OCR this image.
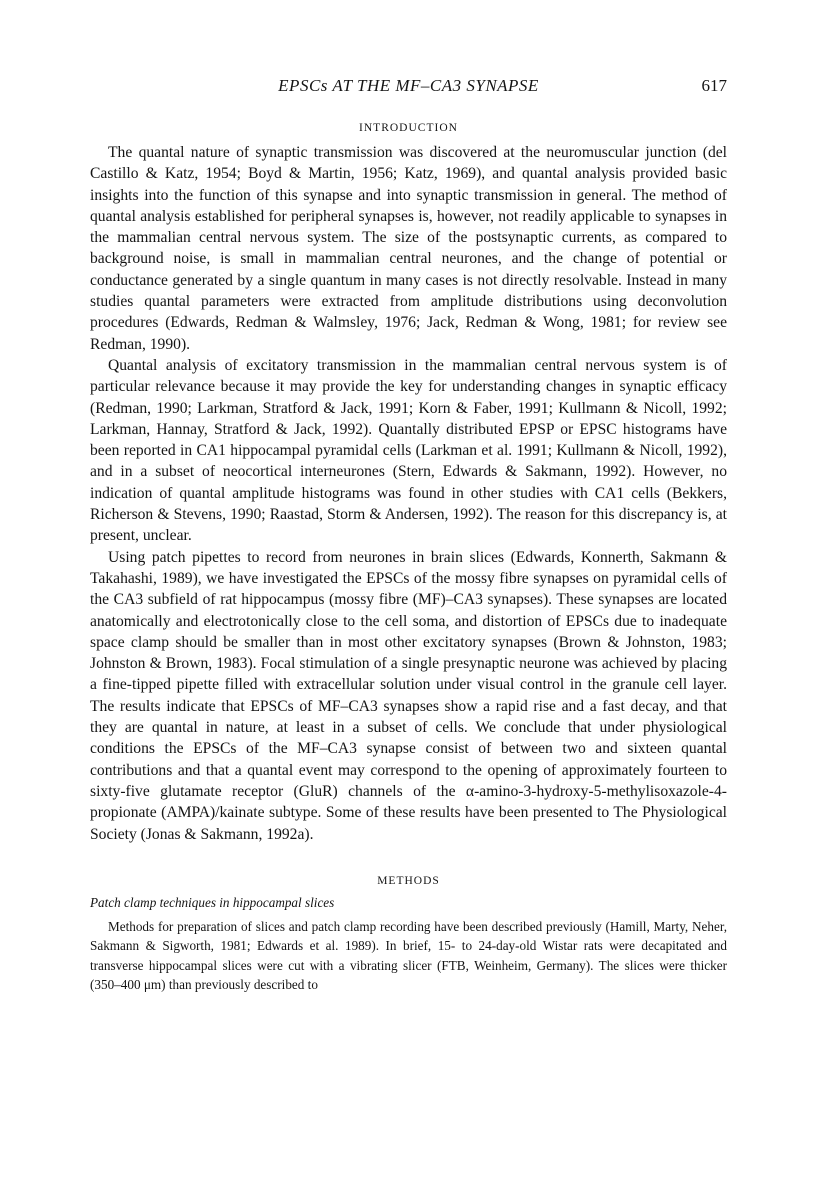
EPSCs AT THE MF–CA3 SYNAPSE	617
INTRODUCTION

The quantal nature of synaptic transmission was discovered at the neuromuscular junction (del Castillo & Katz, 1954; Boyd & Martin, 1956; Katz, 1969), and quantal analysis provided basic insights into the function of this synapse and into synaptic transmission in general. The method of quantal analysis established for peripheral synapses is, however, not readily applicable to synapses in the mammalian central nervous system. The size of the postsynaptic currents, as compared to background noise, is small in mammalian central neurones, and the change of potential or conductance generated by a single quantum in many cases is not directly resolvable. Instead in many studies quantal parameters were extracted from amplitude distributions using deconvolution procedures (Edwards, Redman & Walmsley, 1976; Jack, Redman & Wong, 1981; for review see Redman, 1990).

Quantal analysis of excitatory transmission in the mammalian central nervous system is of particular relevance because it may provide the key for understanding changes in synaptic efficacy (Redman, 1990; Larkman, Stratford & Jack, 1991; Korn & Faber, 1991; Kullmann & Nicoll, 1992; Larkman, Hannay, Stratford & Jack, 1992). Quantally distributed EPSP or EPSC histograms have been reported in CA1 hippocampal pyramidal cells (Larkman et al. 1991; Kullmann & Nicoll, 1992), and in a subset of neocortical interneurones (Stern, Edwards & Sakmann, 1992). However, no indication of quantal amplitude histograms was found in other studies with CA1 cells (Bekkers, Richerson & Stevens, 1990; Raastad, Storm & Andersen, 1992). The reason for this discrepancy is, at present, unclear.

Using patch pipettes to record from neurones in brain slices (Edwards, Konnerth, Sakmann & Takahashi, 1989), we have investigated the EPSCs of the mossy fibre synapses on pyramidal cells of the CA3 subfield of rat hippocampus (mossy fibre (MF)–CA3 synapses). These synapses are located anatomically and electrotonically close to the cell soma, and distortion of EPSCs due to inadequate space clamp should be smaller than in most other excitatory synapses (Brown & Johnston, 1983; Johnston & Brown, 1983). Focal stimulation of a single presynaptic neurone was achieved by placing a fine-tipped pipette filled with extracellular solution under visual control in the granule cell layer. The results indicate that EPSCs of MF–CA3 synapses show a rapid rise and a fast decay, and that they are quantal in nature, at least in a subset of cells. We conclude that under physiological conditions the EPSCs of the MF–CA3 synapse consist of between two and sixteen quantal contributions and that a quantal event may correspond to the opening of approximately fourteen to sixty-five glutamate receptor (GluR) channels of the α-amino-3-hydroxy-5-methylisoxazole-4-propionate (AMPA)/kainate subtype. Some of these results have been presented to The Physiological Society (Jonas & Sakmann, 1992a).

METHODS
Patch clamp techniques in hippocampal slices

Methods for preparation of slices and patch clamp recording have been described previously (Hamill, Marty, Neher, Sakmann & Sigworth, 1981; Edwards et al. 1989). In brief, 15- to 24-day-old Wistar rats were decapitated and transverse hippocampal slices were cut with a vibrating slicer (FTB, Weinheim, Germany). The slices were thicker (350–400 μm) than previously described to
